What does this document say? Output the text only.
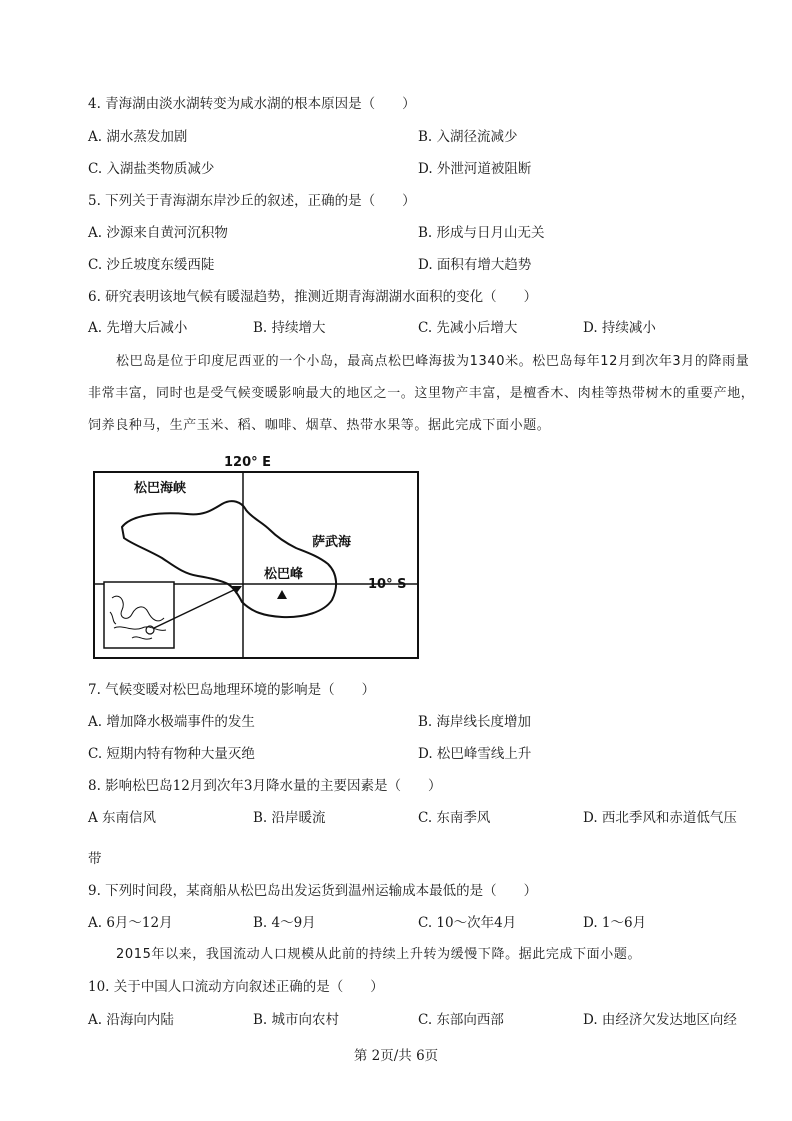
4. 青海湖由淡水湖转变为咸水湖的根本原因是（　　）
A. 湖水蒸发加剧	B. 入湖径流减少
C. 入湖盐类物质减少	D. 外泄河道被阻断
5. 下列关于青海湖东岸沙丘的叙述，正确的是（　　）
A. 沙源来自黄河沉积物	B. 形成与日月山无关
C. 沙丘坡度东缓西陡	D. 面积有增大趋势
6. 研究表明该地气候有暖湿趋势，推测近期青海湖湖水面积的变化（　　）
A. 先增大后减小	B. 持续增大	C. 先减小后增大	D. 持续减小
松巴岛是位于印度尼西亚的一个小岛，最高点松巴峰海拔为1340米。松巴岛每年12月到次年3月的降雨量非常丰富，同时也是受气候变暖影响最大的地区之一。这里物产丰富，是檀香木、肉桂等热带树木的重要产地，饲养良种马，生产玉米、稻、咖啡、烟草、热带水果等。据此完成下面小题。
120° E
10° S
松巴海峡
萨武海
松巴峰
7. 气候变暖对松巴岛地理环境的影响是（　　）
A. 增加降水极端事件的发生	B. 海岸线长度增加
C. 短期内特有物种大量灭绝	D. 松巴峰雪线上升
8. 影响松巴岛12月到次年3月降水量的主要因素是（　　）
A 东南信风	B. 沿岸暖流	C. 东南季风	D. 西北季风和赤道低气压
带
9. 下列时间段，某商船从松巴岛出发运货到温州运输成本最低的是（　　）
A. 6月～12月	B. 4～9月	C. 10～次年4月	D. 1～6月
2015年以来，我国流动人口规模从此前的持续上升转为缓慢下降。据此完成下面小题。
10. 关于中国人口流动方向叙述正确的是（　　）
A. 沿海向内陆	B. 城市向农村	C. 东部向西部	D. 由经济欠发达地区向经
第 2页/共 6页
